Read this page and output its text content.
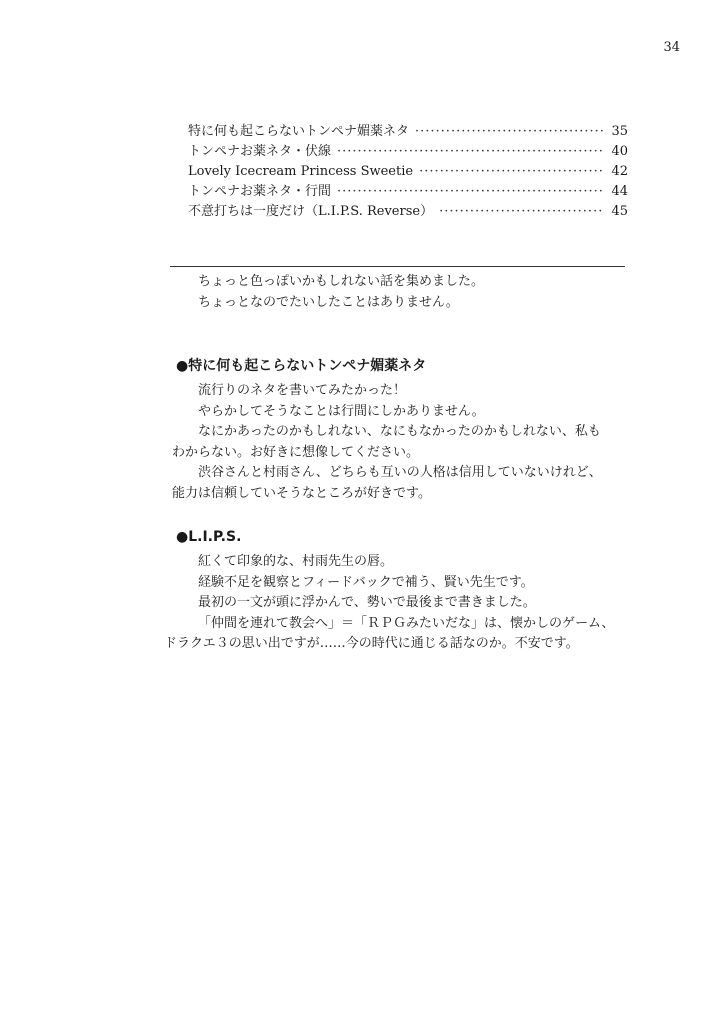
34
特に何も起こらないトンペナ媚薬ネタ ·····	35
トンペナお薬ネタ・伏線 ·····	40
Lovely Icecream Princess Sweetie ·····	42
トンペナお薬ネタ・行間 ·····	44
不意打ちは一度だけ（L.I.P.S. Reverse） ·····	45
ちょっと色っぽいかもしれない話を集めました。
ちょっとなのでたいしたことはありません。
●特に何も起こらないトンペナ媚薬ネタ
流行りのネタを書いてみたかった！
やらかしてそうなことは行間にしかありません。
なにかあったのかもしれない、なにもなかったのかもしれない、私も
わからない。お好きに想像してください。
渋谷さんと村雨さん、どちらも互いの人格は信用していないけれど、
能力は信頼していそうなところが好きです。
●L.I.P.S.
紅くて印象的な、村雨先生の唇。
経験不足を観察とフィードバックで補う、賢い先生です。
最初の一文が頭に浮かんで、勢いで最後まで書きました。
「仲間を連れて教会へ」＝「ＲＰＧみたいだな」は、懐かしのゲーム、
ドラクエ３の思い出ですが……今の時代に通じる話なのか。不安です。
